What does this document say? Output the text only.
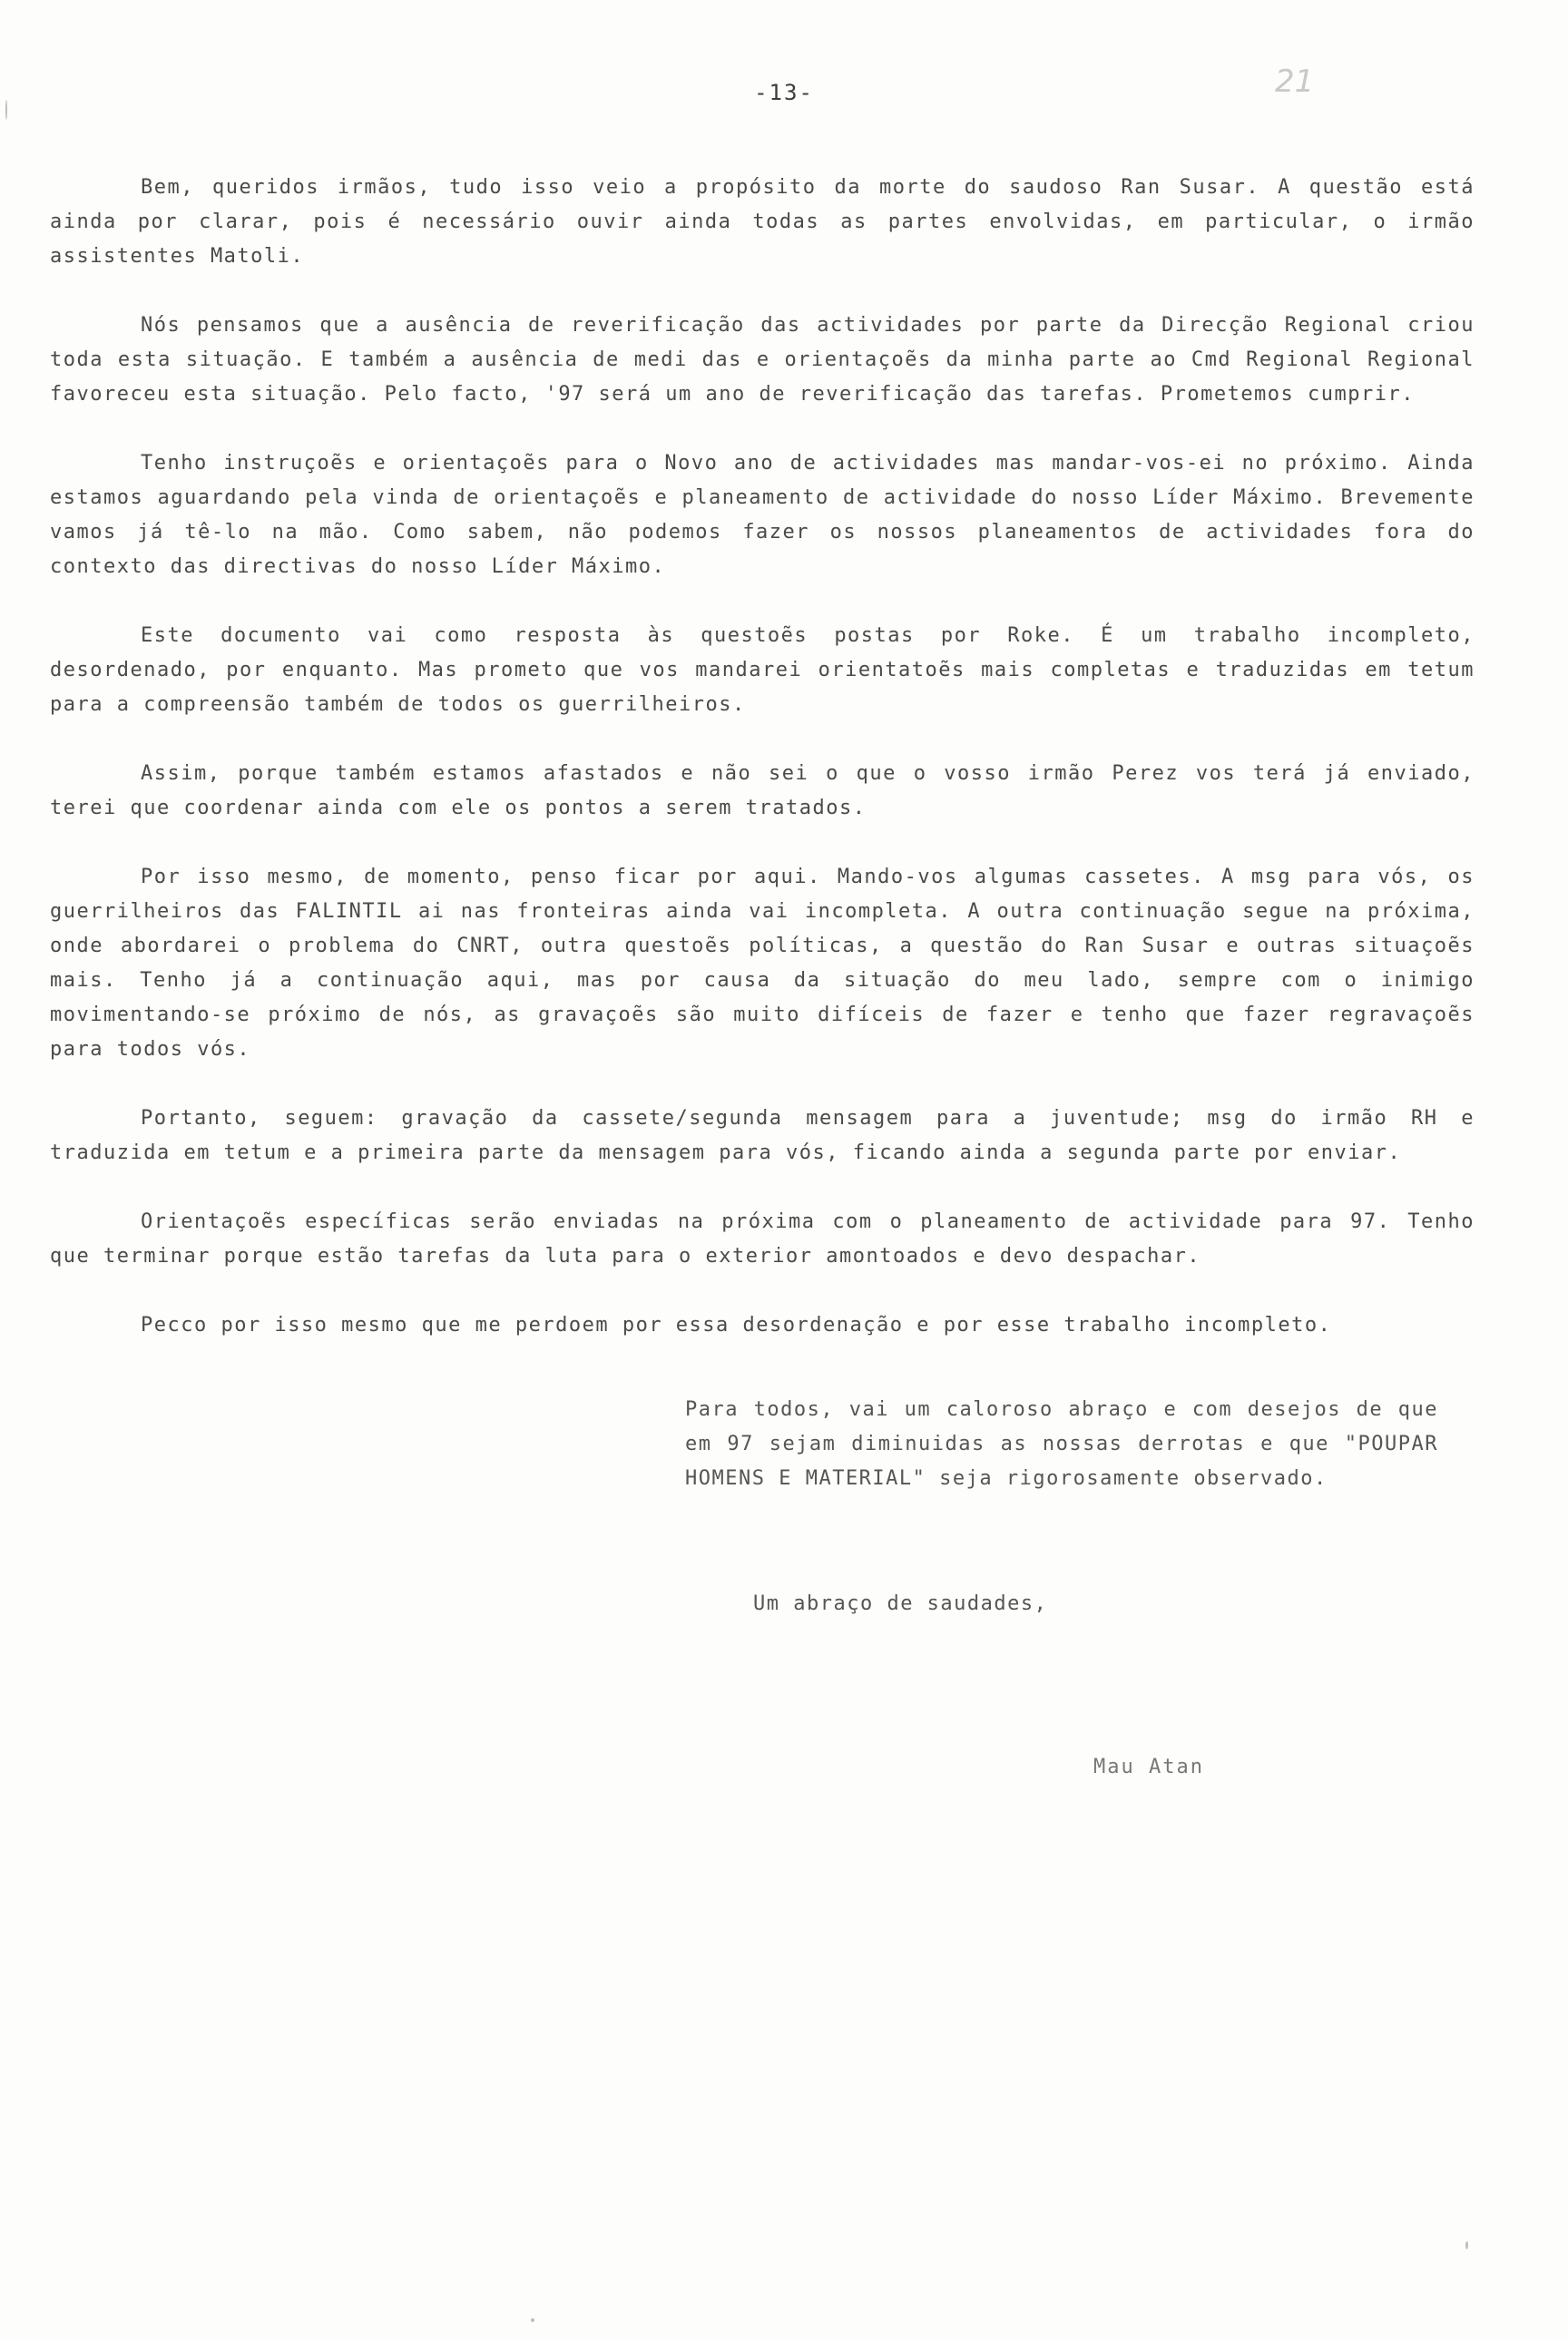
-13-	21

Bem, queridos irmãos, tudo isso veio a propósito da morte do saudoso Ran Susar. A questão está ainda por clarar, pois é necessário ouvir ainda todas as partes envolvidas, em particular, o irmão assistentes Matoli.

Nós pensamos que a ausência de reverificação das actividades por parte da Direcção Regional criou toda esta situação. E também a ausência de medi das e orientaçoẽs da minha parte ao Cmd Regional Regional favoreceu esta situação. Pelo facto, '97 será um ano de reverificação das tarefas. Prometemos cumprir.

Tenho instruçoẽs e orientaçoẽs para o Novo ano de actividades mas mandar-vos-ei no próximo. Ainda estamos aguardando pela vinda de orientaçoẽs e planeamento de actividade do nosso Líder Máximo. Brevemente vamos já tê-lo na mão. Como sabem, não podemos fazer os nossos planeamentos de actividades fora do contexto das directivas do nosso Líder Máximo.

Este documento vai como resposta às questoẽs postas por Roke. É um trabalho incompleto, desordenado, por enquanto. Mas prometo que vos mandarei orientatoẽs mais completas e traduzidas em tetum para a compreensão também de todos os guerrilheiros.

Assim, porque também estamos afastados e não sei o que o vosso irmão Perez vos terá já enviado, terei que coordenar ainda com ele os pontos a serem tratados.

Por isso mesmo, de momento, penso ficar por aqui. Mando-vos algumas cassetes. A msg para vós, os guerrilheiros das FALINTIL ai nas fronteiras ainda vai incompleta. A outra continuação segue na próxima, onde abordarei o problema do CNRT, outra questoẽs políticas, a questão do Ran Susar e outras situaçoẽs mais. Tenho já a continuação aqui, mas por causa da situação do meu lado, sempre com o inimigo movimentando-se próximo de nós, as gravaçoẽs são muito difíceis de fazer e tenho que fazer regravaçoẽs para todos vós.

Portanto, seguem: gravação da cassete/segunda mensagem para a juventude; msg do irmão RH e traduzida em tetum e a primeira parte da mensagem para vós, ficando ainda a segunda parte por enviar.

Orientaçoẽs específicas serão enviadas na próxima com o planeamento de actividade para 97. Tenho que terminar porque estão tarefas da luta para o exterior amontoados e devo despachar.

Pecco por isso mesmo que me perdoem por essa desordenação e por esse trabalho incompleto.

Para todos, vai um caloroso abraço e com desejos de que em 97 sejam diminuidas as nossas derrotas e que "POUPAR HOMENS E MATERIAL" seja rigorosamente observado.

Um abraço de saudades,
Mau Atan
